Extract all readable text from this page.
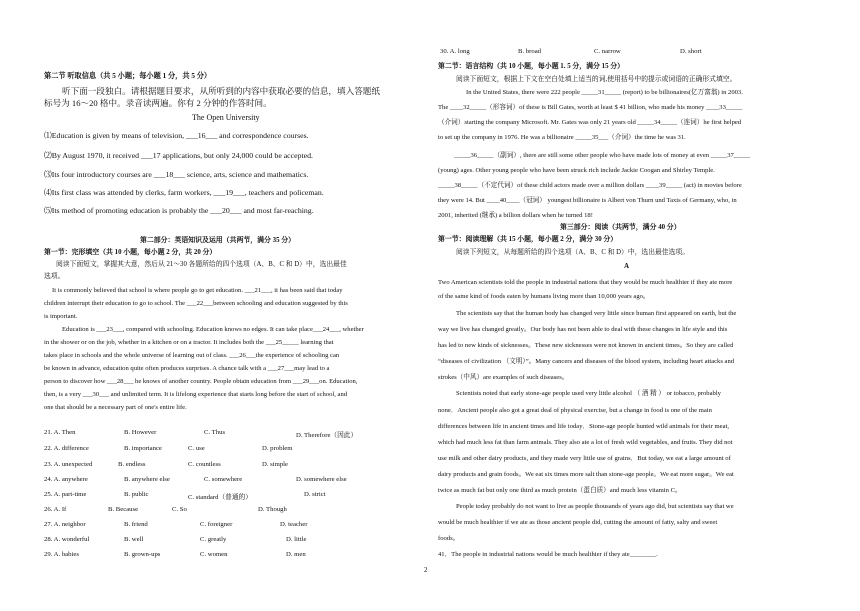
第二节 听取信息（共 5 小题；每小题 1 分，共 5 分）
听下面一段独白。请根据题目要求，从所听到的内容中获取必要的信息，填入答题纸
标号为 16～20 格中。录音读两遍。你有 2 分钟的作答时间。
The Open University
⑴Education is given by means of television, ___16___ and correspondence courses.
⑵By August 1970, it received ___17 applications, but only 24,000 could be accepted.
⑶Its four introductory courses are ___18___ science, arts, science and mathematics.
⑷Its first class was attended by clerks, farm workers, ___19___, teachers and policeman.
⑸Its method of promoting education is probably the ___20___ and most far-reaching.
第二部分：英语知识及运用（共两节，满分 35 分）
第一节：完形填空（共 10 小题，每小题 2 分，共 20 分）
阅读下面短文，掌握其大意，然后从 21～30 各题所给的四个选项（A、B、C 和 D）中，选出最佳
选项。
It is commonly believed that school is where people go to get education. ___21___, it has been said that today
children interrupt their education to go to school. The ___22___between schooling and education suggested by this
is important.
Education is ___23___, compared with schooling. Education knows no edges. It can take place___24___, whether
in the shower or on the job, whether in a kitchen or on a tractor. It includes both the ___25_____ learning that
takes place in schools and the whole universe of learning out of class. ___26___the experience of schooling can
be known in advance, education quite often produces surprises. A chance talk with a ___27___may lead to a
person to discover how ___28___ he knows of another country. People obtain education from ___29___on. Education,
then, is a very ___30___ and unlimited term. It is lifelong experience that starts long before the start of school, and
one that should be a necessary part of one's entire life.
21. A. Then	B. However	C. Thus	D. Therefore（因此）
22. A. difference	B. importance	C. use	D. problem
23. A. unexpected	B. endless	C. countless	D. simple
24. A. anywhere	B. anywhere else	C. somewhere	D. somewhere else
25. A. part-time	B. public	C. standard（普通的）	D. strict
26. A. If	B. Because	C. So	D. Though
27. A. neighbor	B. friend	C. foreigner	D. teacher
28. A. wonderful	B. well	C. greatly	D. little
29. A. babies	B. grown-ups	C. women	D. men
30. A. long	B. broad	C. narrow	D. short
第二节：语言结构（共 10 小题，每小题 1. 5 分，满分 15 分）
阅读下面短文，根据上下文在空白处填上适当的词,使用括号中的提示或词语的正确形式填空。
In the United States, there were 222 people _____31_____ (report) to be billionaires(亿万富翁) in 2003.
The ____32_____（形容词）of these is Bill Gates, worth at least $ 41 billion, who made his money ____33_____
（介词）starting the company Microsoft. Mr. Gates was only 21 years old _____34_____（连词）he first helped
to set up the company in 1976. He was a billionaire _____35___（介词）the time he was 31.
_____36_____（副词）, there are still some other people who have made lots of money at even _____37_____
(young) ages. Other young people who have been struck rich include Jackie Coogan and Shirley Temple.
_____38_____（不定代词）of these child actors made over a million dollars ____39_____ (act) in movies before
they were 14. But ____40____（冠词） youngest billionaire is Albert von Thurn und Taxis of Germany, who, in
2001, inherited (继承) a billion dollars when he turned 18!
第三部分：阅读（共两节，满分 40 分）
第一节：阅读理解（共 15 小题，每小题 2 分，满分 30 分）
阅读下列短文，从每题所给的四个选项（A、B、C 和 D）中，选出最佳选项。
A
Two American scientists told the people in industrial nations that they would be much healthier if they ate more
of the same kind of foods eaten by humans living more than 10,000 years ago。
The scientists say that the human body has changed very little since human first appeared on earth, but the
way we live has changed greatly。Our body has not been able to deal with these changes in life style and this
has led to new kinds of sicknesses。These new sicknesses were not known in ancient times。So they are called
“diseases of civilization （文明）”。Many cancers and diseases of the blood system, including heart attacks and
strokes（中风）are examples of such diseases。
Scientists noted that early stone-age people used very little alcohol （ 酒 精 ） or tobacco, probably
none．Ancient people also got a great deal of physical exercise, but a change in food is one of the main
differences between life in ancient times and life today．Stone-age people hunted wild animals for their meat,
which had much less fat than farm animals. They also ate a lot of fresh wild vegetables, and fruits. They did not
use milk and other dairy products, and they made very little use of grains．But today, we eat a large amount of
dairy products and grain foods。We eat six times more salt than stone-age people。We eat more sugar。We eat
twice as much fat but only one third as much protein（蛋白质）and much less vitamin C。
People today probably do not want to live as people thousands of years ago did, but scientists say that we
would be much healthier if we ate as those ancient people did, cutting the amount of fatty, salty and sweet
foods。
41．The people in industrial nations would be much healthier if they ate________.
2
